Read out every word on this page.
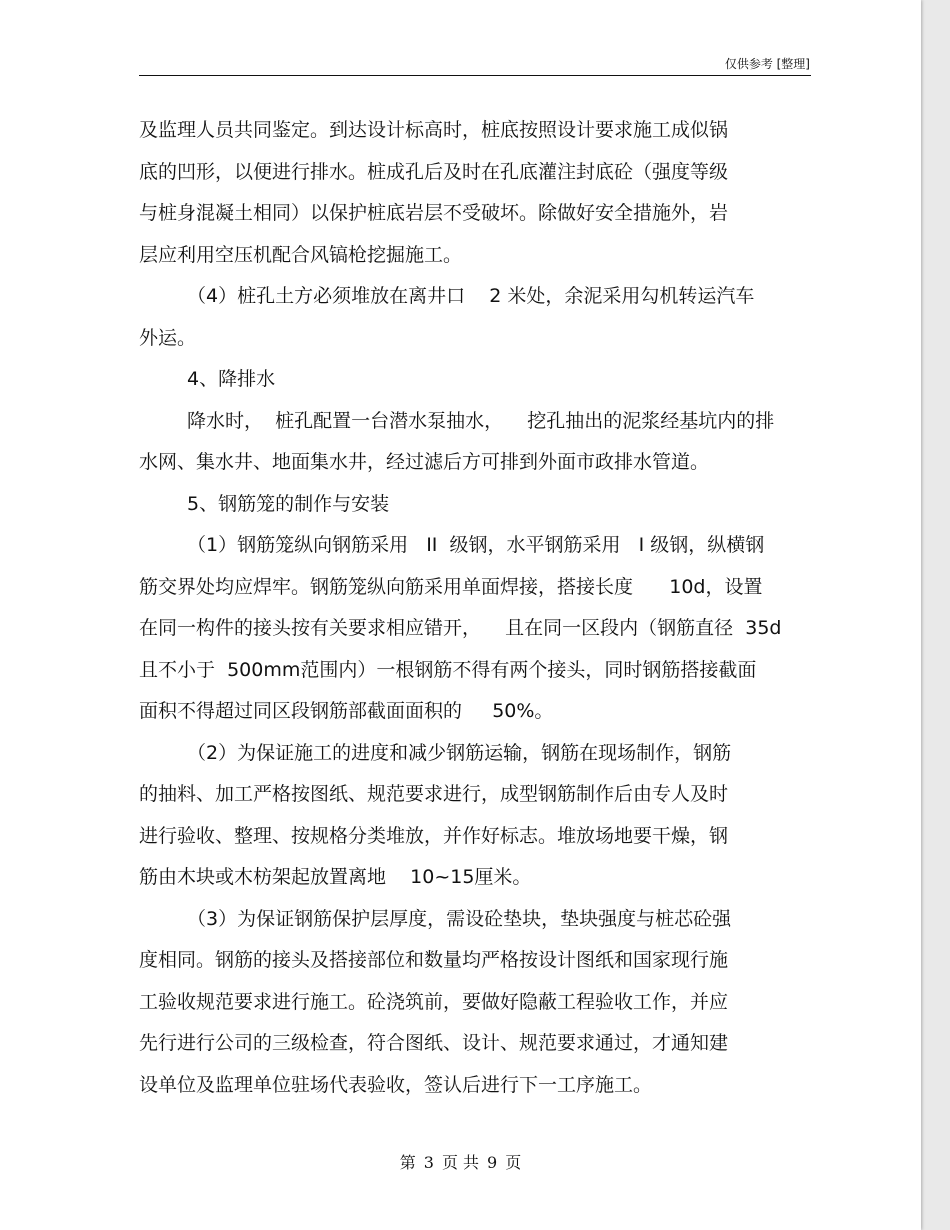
仅供参考 [整理]
及监理人员共同鉴定。到达设计标高时，桩底按照设计要求施工成似锅
底的凹形，以便进行排水。桩成孔后及时在孔底灌注封底砼（强度等级
与桩身混凝土相同）以保护桩底岩层不受破坏。除做好安全措施外，岩
层应利用空压机配合风镐枪挖掘施工。
（4）桩孔土方必须堆放在离井口    2 米处，余泥采用勾机转运汽车
外运。
4、降排水
降水时，  桩孔配置一台潜水泵抽水，    挖孔抽出的泥浆经基坑内的排
水网、集水井、地面集水井，经过滤后方可排到外面市政排水管道。
5、钢筋笼的制作与安装
（1）钢筋笼纵向钢筋采用   II  级钢，水平钢筋采用   I 级钢，纵横钢
筋交界处均应焊牢。钢筋笼纵向筋采用单面焊接，搭接长度      10d，设置
在同一构件的接头按有关要求相应错开，    且在同一区段内（钢筋直径  35d
且不小于  500mm范围内）一根钢筋不得有两个接头，同时钢筋搭接截面
面积不得超过同区段钢筋部截面面积的     50%。
（2）为保证施工的进度和减少钢筋运输，钢筋在现场制作，钢筋
的抽料、加工严格按图纸、规范要求进行，成型钢筋制作后由专人及时
进行验收、整理、按规格分类堆放，并作好标志。堆放场地要干燥，钢
筋由木块或木枋架起放置离地    10~15厘米。
（3）为保证钢筋保护层厚度，需设砼垫块，垫块强度与桩芯砼强
度相同。钢筋的接头及搭接部位和数量均严格按设计图纸和国家现行施
工验收规范要求进行施工。砼浇筑前，要做好隐蔽工程验收工作，并应
先行进行公司的三级检查，符合图纸、设计、规范要求通过，才通知建
设单位及监理单位驻场代表验收，签认后进行下一工序施工。
第 3 页 共 9 页
